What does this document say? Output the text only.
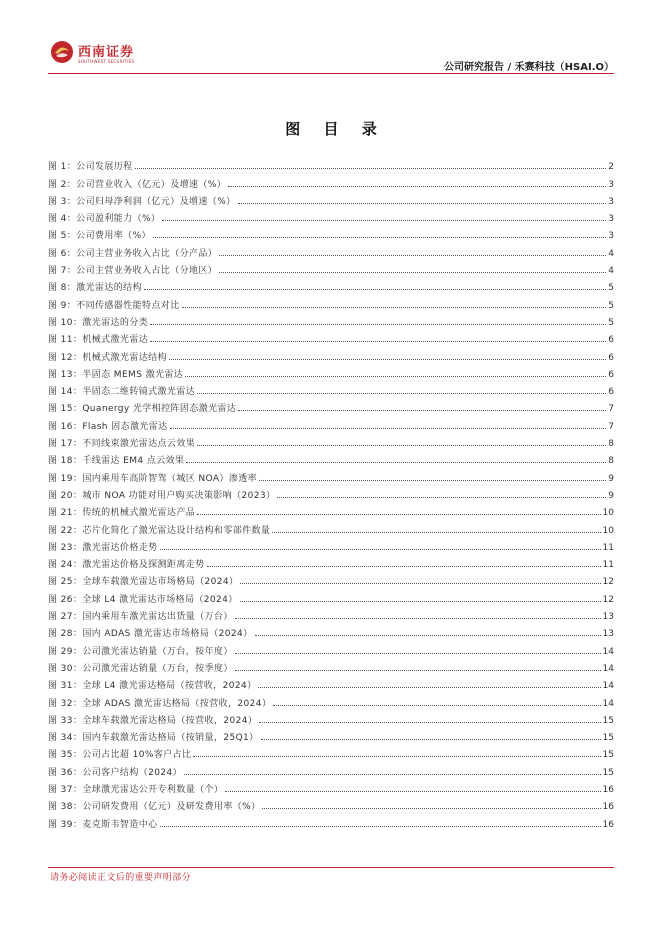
西南证券
SOUTHWEST SECURITIES
公司研究报告 / 禾赛科技（HSAI.O）
图 目 录
图 1：公司发展历程	2
图 2：公司营业收入（亿元）及增速（%）	3
图 3：公司归母净利润（亿元）及增速（%）	3
图 4：公司盈利能力（%）	3
图 5：公司费用率（%）	3
图 6：公司主营业务收入占比（分产品）	4
图 7：公司主营业务收入占比（分地区）	4
图 8：激光雷达的结构	5
图 9：不同传感器性能特点对比	5
图 10：激光雷达的分类	5
图 11：机械式激光雷达	6
图 12：机械式激光雷达结构	6
图 13：半固态 MEMS 激光雷达	6
图 14：半固态二维转镜式激光雷达	6
图 15：Quanergy 光学相控阵固态激光雷达	7
图 16：Flash 固态激光雷达	7
图 17：不同线束激光雷达点云效果	8
图 18：千线雷达 EM4 点云效果	8
图 19：国内乘用车高阶智驾（城区 NOA）渗透率	9
图 20：城市 NOA 功能对用户购买决策影响（2023）	9
图 21：传统的机械式激光雷达产品	10
图 22：芯片化简化了激光雷达设计结构和零部件数量	10
图 23：激光雷达价格走势	11
图 24：激光雷达价格及探测距离走势	11
图 25：全球车载激光雷达市场格局（2024）	12
图 26：全球 L4 激光雷达市场格局（2024）	12
图 27：国内乘用车激光雷达出货量（万台）	13
图 28：国内 ADAS 激光雷达市场格局（2024）	13
图 29：公司激光雷达销量（万台，按年度）	14
图 30：公司激光雷达销量（万台，按季度）	14
图 31：全球 L4 激光雷达格局（按营收，2024）	14
图 32：全球 ADAS 激光雷达格局（按营收，2024）	14
图 33：全球车载激光雷达格局（按营收，2024）	15
图 34：国内车载激光雷达格局（按销量，25Q1）	15
图 35：公司占比超 10%客户占比	15
图 36：公司客户结构（2024）	15
图 37：全球激光雷达公开专利数量（个）	16
图 38：公司研发费用（亿元）及研发费用率（%）	16
图 39：麦克斯韦智造中心	16
请务必阅读正文后的重要声明部分
